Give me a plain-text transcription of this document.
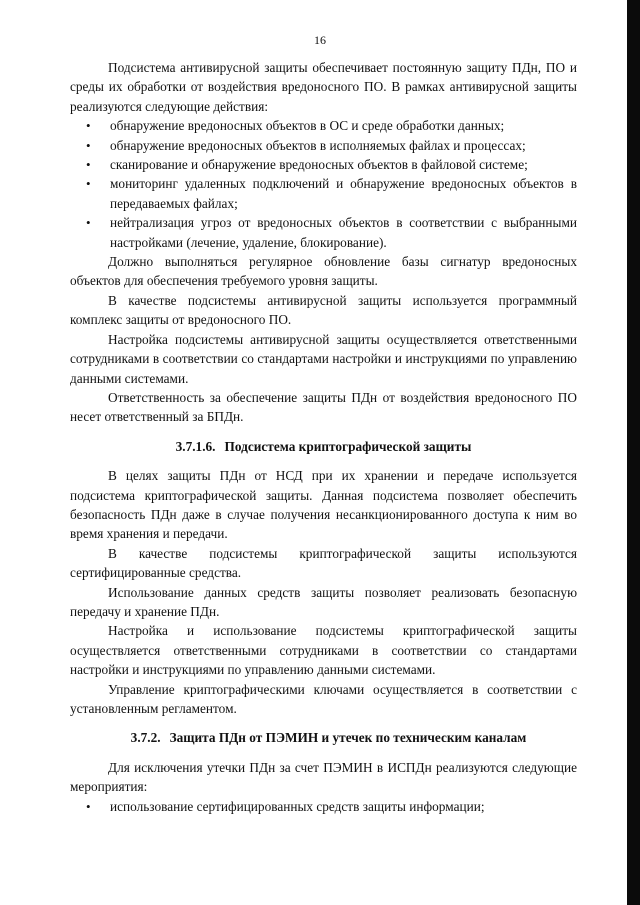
16

Подсистема антивирусной защиты обеспечивает постоянную защиту ПДн, ПО и среды их обработки от воздействия вредоносного ПО. В рамках антивирусной защиты реализуются следующие действия:

• обнаружение вредоносных объектов в ОС и среде обработки данных;
• обнаружение вредоносных объектов в исполняемых файлах и процессах;
• сканирование и обнаружение вредоносных объектов в файловой системе;
• мониторинг удаленных подключений и обнаружение вредоносных объектов в передаваемых файлах;
• нейтрализация угроз от вредоносных объектов в соответствии с выбранными настройками (лечение, удаление, блокирование).

Должно выполняться регулярное обновление базы сигнатур вредоносных объектов для обеспечения требуемого уровня защиты.

В качестве подсистемы антивирусной защиты используется программный комплекс защиты от вредоносного ПО.

Настройка подсистемы антивирусной защиты осуществляется ответственными сотрудниками в соответствии со стандартами настройки и инструкциями по управлению данными системами.

Ответственность за обеспечение защиты ПДн от воздействия вредоносного ПО несет ответственный за БПДн.

3.7.1.6. Подсистема криптографической защиты

В целях защиты ПДн от НСД при их хранении и передаче используется подсистема криптографической защиты. Данная подсистема позволяет обеспечить безопасность ПДн даже в случае получения несанкционированного доступа к ним во время хранения и передачи.

В качестве подсистемы криптографической защиты используются сертифицированные средства.

Использование данных средств защиты позволяет реализовать безопасную передачу и хранение ПДн.

Настройка и использование подсистемы криптографической защиты осуществляется ответственными сотрудниками в соответствии со стандартами настройки и инструкциями по управлению данными системами.

Управление криптографическими ключами осуществляется в соответствии с установленным регламентом.

3.7.2. Защита ПДн от ПЭМИН и утечек по техническим каналам

Для исключения утечки ПДн за счет ПЭМИН в ИСПДн реализуются следующие мероприятия:

• использование сертифицированных средств защиты информации;
